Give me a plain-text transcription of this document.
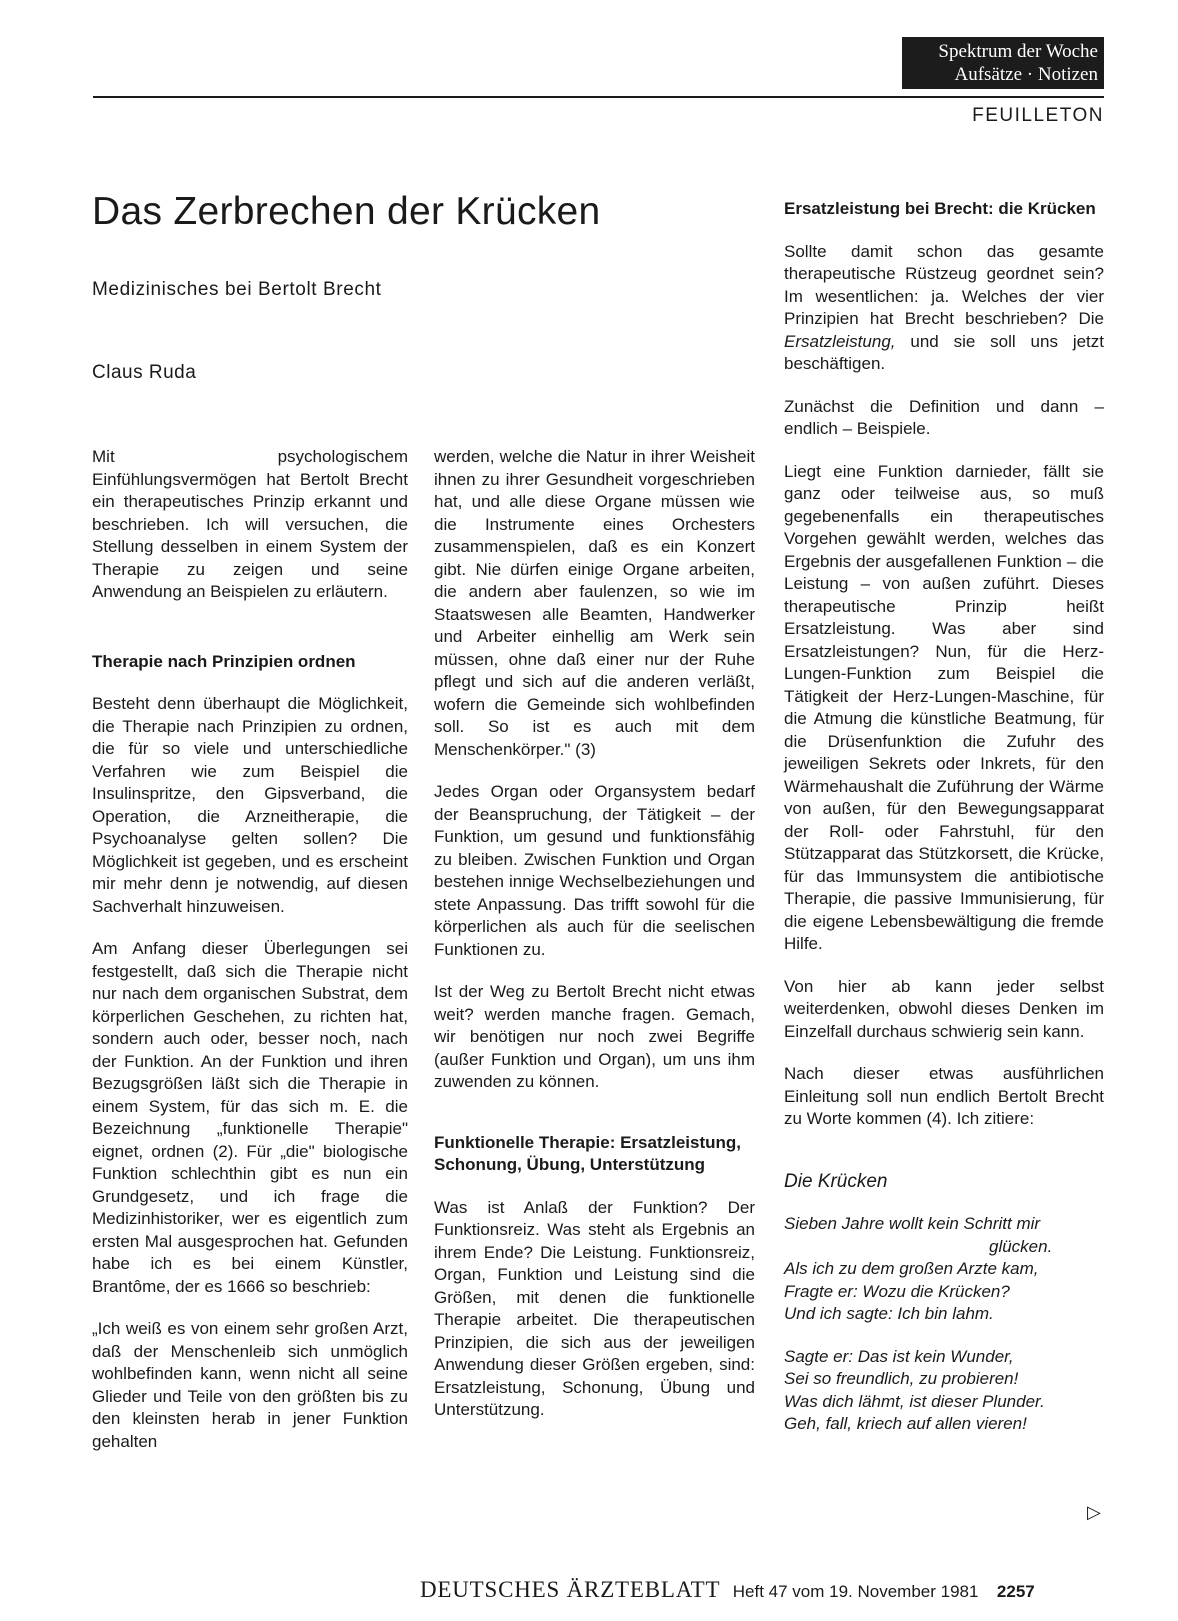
Spektrum der Woche
Aufsätze · Notizen
FEUILLETON
Das Zerbrechen der Krücken
Medizinisches bei Bertolt Brecht
Claus Ruda

Mit psychologischem Einfühlungsvermögen hat Bertolt Brecht ein therapeutisches Prinzip erkannt und beschrieben. Ich will versuchen, die Stellung desselben in einem System der Therapie zu zeigen und seine Anwendung an Beispielen zu erläutern.

Therapie nach Prinzipien ordnen

Besteht denn überhaupt die Möglichkeit, die Therapie nach Prinzipien zu ordnen, die für so viele und unterschiedliche Verfahren wie zum Beispiel die Insulinspritze, den Gipsverband, die Operation, die Arzneitherapie, die Psychoanalyse gelten sollen? Die Möglichkeit ist gegeben, und es erscheint mir mehr denn je notwendig, auf diesen Sachverhalt hinzuweisen.

Am Anfang dieser Überlegungen sei festgestellt, daß sich die Therapie nicht nur nach dem organischen Substrat, dem körperlichen Geschehen, zu richten hat, sondern auch oder, besser noch, nach der Funktion. An der Funktion und ihren Bezugsgrößen läßt sich die Therapie in einem System, für das sich m. E. die Bezeichnung „funktionelle Therapie" eignet, ordnen (2). Für „die" biologische Funktion schlechthin gibt es nun ein Grundgesetz, und ich frage die Medizinhistoriker, wer es eigentlich zum ersten Mal ausgesprochen hat. Gefunden habe ich es bei einem Künstler, Brantôme, der es 1666 so beschrieb:

„Ich weiß es von einem sehr großen Arzt, daß der Menschenleib sich unmöglich wohlbefinden kann, wenn nicht all seine Glieder und Teile von den größten bis zu den kleinsten herab in jener Funktion gehalten

werden, welche die Natur in ihrer Weisheit ihnen zu ihrer Gesundheit vorgeschrieben hat, und alle diese Organe müssen wie die Instrumente eines Orchesters zusammenspielen, daß es ein Konzert gibt. Nie dürfen einige Organe arbeiten, die andern aber faulenzen, so wie im Staatswesen alle Beamten, Handwerker und Arbeiter einhellig am Werk sein müssen, ohne daß einer nur der Ruhe pflegt und sich auf die anderen verläßt, wofern die Gemeinde sich wohlbefinden soll. So ist es auch mit dem Menschenkörper." (3)

Jedes Organ oder Organsystem bedarf der Beanspruchung, der Tätigkeit – der Funktion, um gesund und funktionsfähig zu bleiben. Zwischen Funktion und Organ bestehen innige Wechselbeziehungen und stete Anpassung. Das trifft sowohl für die körperlichen als auch für die seelischen Funktionen zu.

Ist der Weg zu Bertolt Brecht nicht etwas weit? werden manche fragen. Gemach, wir benötigen nur noch zwei Begriffe (außer Funktion und Organ), um uns ihm zuwenden zu können.

Funktionelle Therapie: Ersatzleistung, Schonung, Übung, Unterstützung

Was ist Anlaß der Funktion? Der Funktionsreiz. Was steht als Ergebnis an ihrem Ende? Die Leistung. Funktionsreiz, Organ, Funktion und Leistung sind die Größen, mit denen die funktionelle Therapie arbeitet. Die therapeutischen Prinzipien, die sich aus der jeweiligen Anwendung dieser Größen ergeben, sind: Ersatzleistung, Schonung, Übung und Unterstützung.

Ersatzleistung bei Brecht: die Krücken

Sollte damit schon das gesamte therapeutische Rüstzeug geordnet sein? Im wesentlichen: ja. Welches der vier Prinzipien hat Brecht beschrieben? Die Ersatzleistung, und sie soll uns jetzt beschäftigen.

Zunächst die Definition und dann – endlich – Beispiele.

Liegt eine Funktion darnieder, fällt sie ganz oder teilweise aus, so muß gegebenenfalls ein therapeutisches Vorgehen gewählt werden, welches das Ergebnis der ausgefallenen Funktion – die Leistung – von außen zuführt. Dieses therapeutische Prinzip heißt Ersatzleistung. Was aber sind Ersatzleistungen? Nun, für die Herz-Lungen-Funktion zum Beispiel die Tätigkeit der Herz-Lungen-Maschine, für die Atmung die künstliche Beatmung, für die Drüsenfunktion die Zufuhr des jeweiligen Sekrets oder Inkrets, für den Wärmehaushalt die Zuführung der Wärme von außen, für den Bewegungsapparat der Roll- oder Fahrstuhl, für den Stützapparat das Stützkorsett, die Krücke, für das Immunsystem die antibiotische Therapie, die passive Immunisierung, für die eigene Lebensbewältigung die fremde Hilfe.

Von hier ab kann jeder selbst weiterdenken, obwohl dieses Denken im Einzelfall durchaus schwierig sein kann.

Nach dieser etwas ausführlichen Einleitung soll nun endlich Bertolt Brecht zu Worte kommen (4). Ich zitiere:

Die Krücken

Sieben Jahre wollt kein Schritt mir

glücken.

Als ich zu dem großen Arzte kam,

Fragte er: Wozu die Krücken?

Und ich sagte: Ich bin lahm.

Sagte er: Das ist kein Wunder,

Sei so freundlich, zu probieren!

Was dich lähmt, ist dieser Plunder.

Geh, fall, kriech auf allen vieren!

▷
DEUTSCHES ÄRZTEBLATT Heft 47 vom 19. November 1981 2257
